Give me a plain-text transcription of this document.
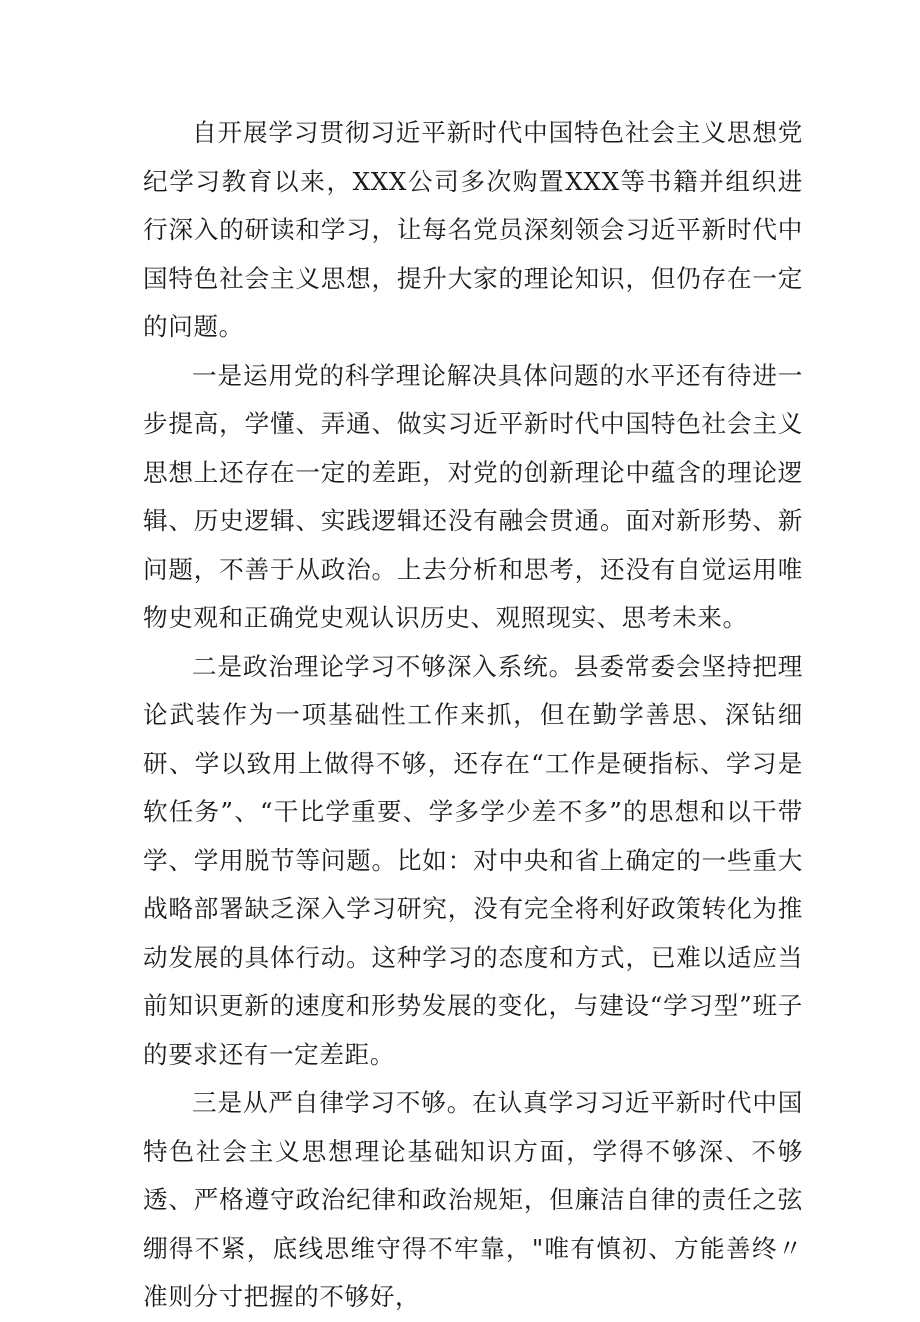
自开展学习贯彻习近平新时代中国特色社会主义思想党纪学习教育以来，XXX公司多次购置XXX等书籍并组织进行深入的研读和学习，让每名党员深刻领会习近平新时代中国特色社会主义思想，提升大家的理论知识，但仍存在一定的问题。

一是运用党的科学理论解决具体问题的水平还有待进一步提高，学懂、弄通、做实习近平新时代中国特色社会主义思想上还存在一定的差距，对党的创新理论中蕴含的理论逻辑、历史逻辑、实践逻辑还没有融会贯通。面对新形势、新问题，不善于从政治。上去分析和思考，还没有自觉运用唯物史观和正确党史观认识历史、观照现实、思考未来。

二是政治理论学习不够深入系统。县委常委会坚持把理论武装作为一项基础性工作来抓，但在勤学善思、深钻细研、学以致用上做得不够，还存在“工作是硬指标、学习是软任务”、“干比学重要、学多学少差不多”的思想和以干带学、学用脱节等问题。比如：对中央和省上确定的一些重大战略部署缺乏深入学习研究，没有完全将利好政策转化为推动发展的具体行动。这种学习的态度和方式，已难以适应当前知识更新的速度和形势发展的变化，与建设“学习型”班子的要求还有一定差距。

三是从严自律学习不够。在认真学习习近平新时代中国特色社会主义思想理论基础知识方面，学得不够深、不够透、严格遵守政治纪律和政治规矩，但廉洁自律的责任之弦绷得不紧，底线思维守得不牢靠，"唯有慎初、方能善终〃准则分寸把握的不够好，
